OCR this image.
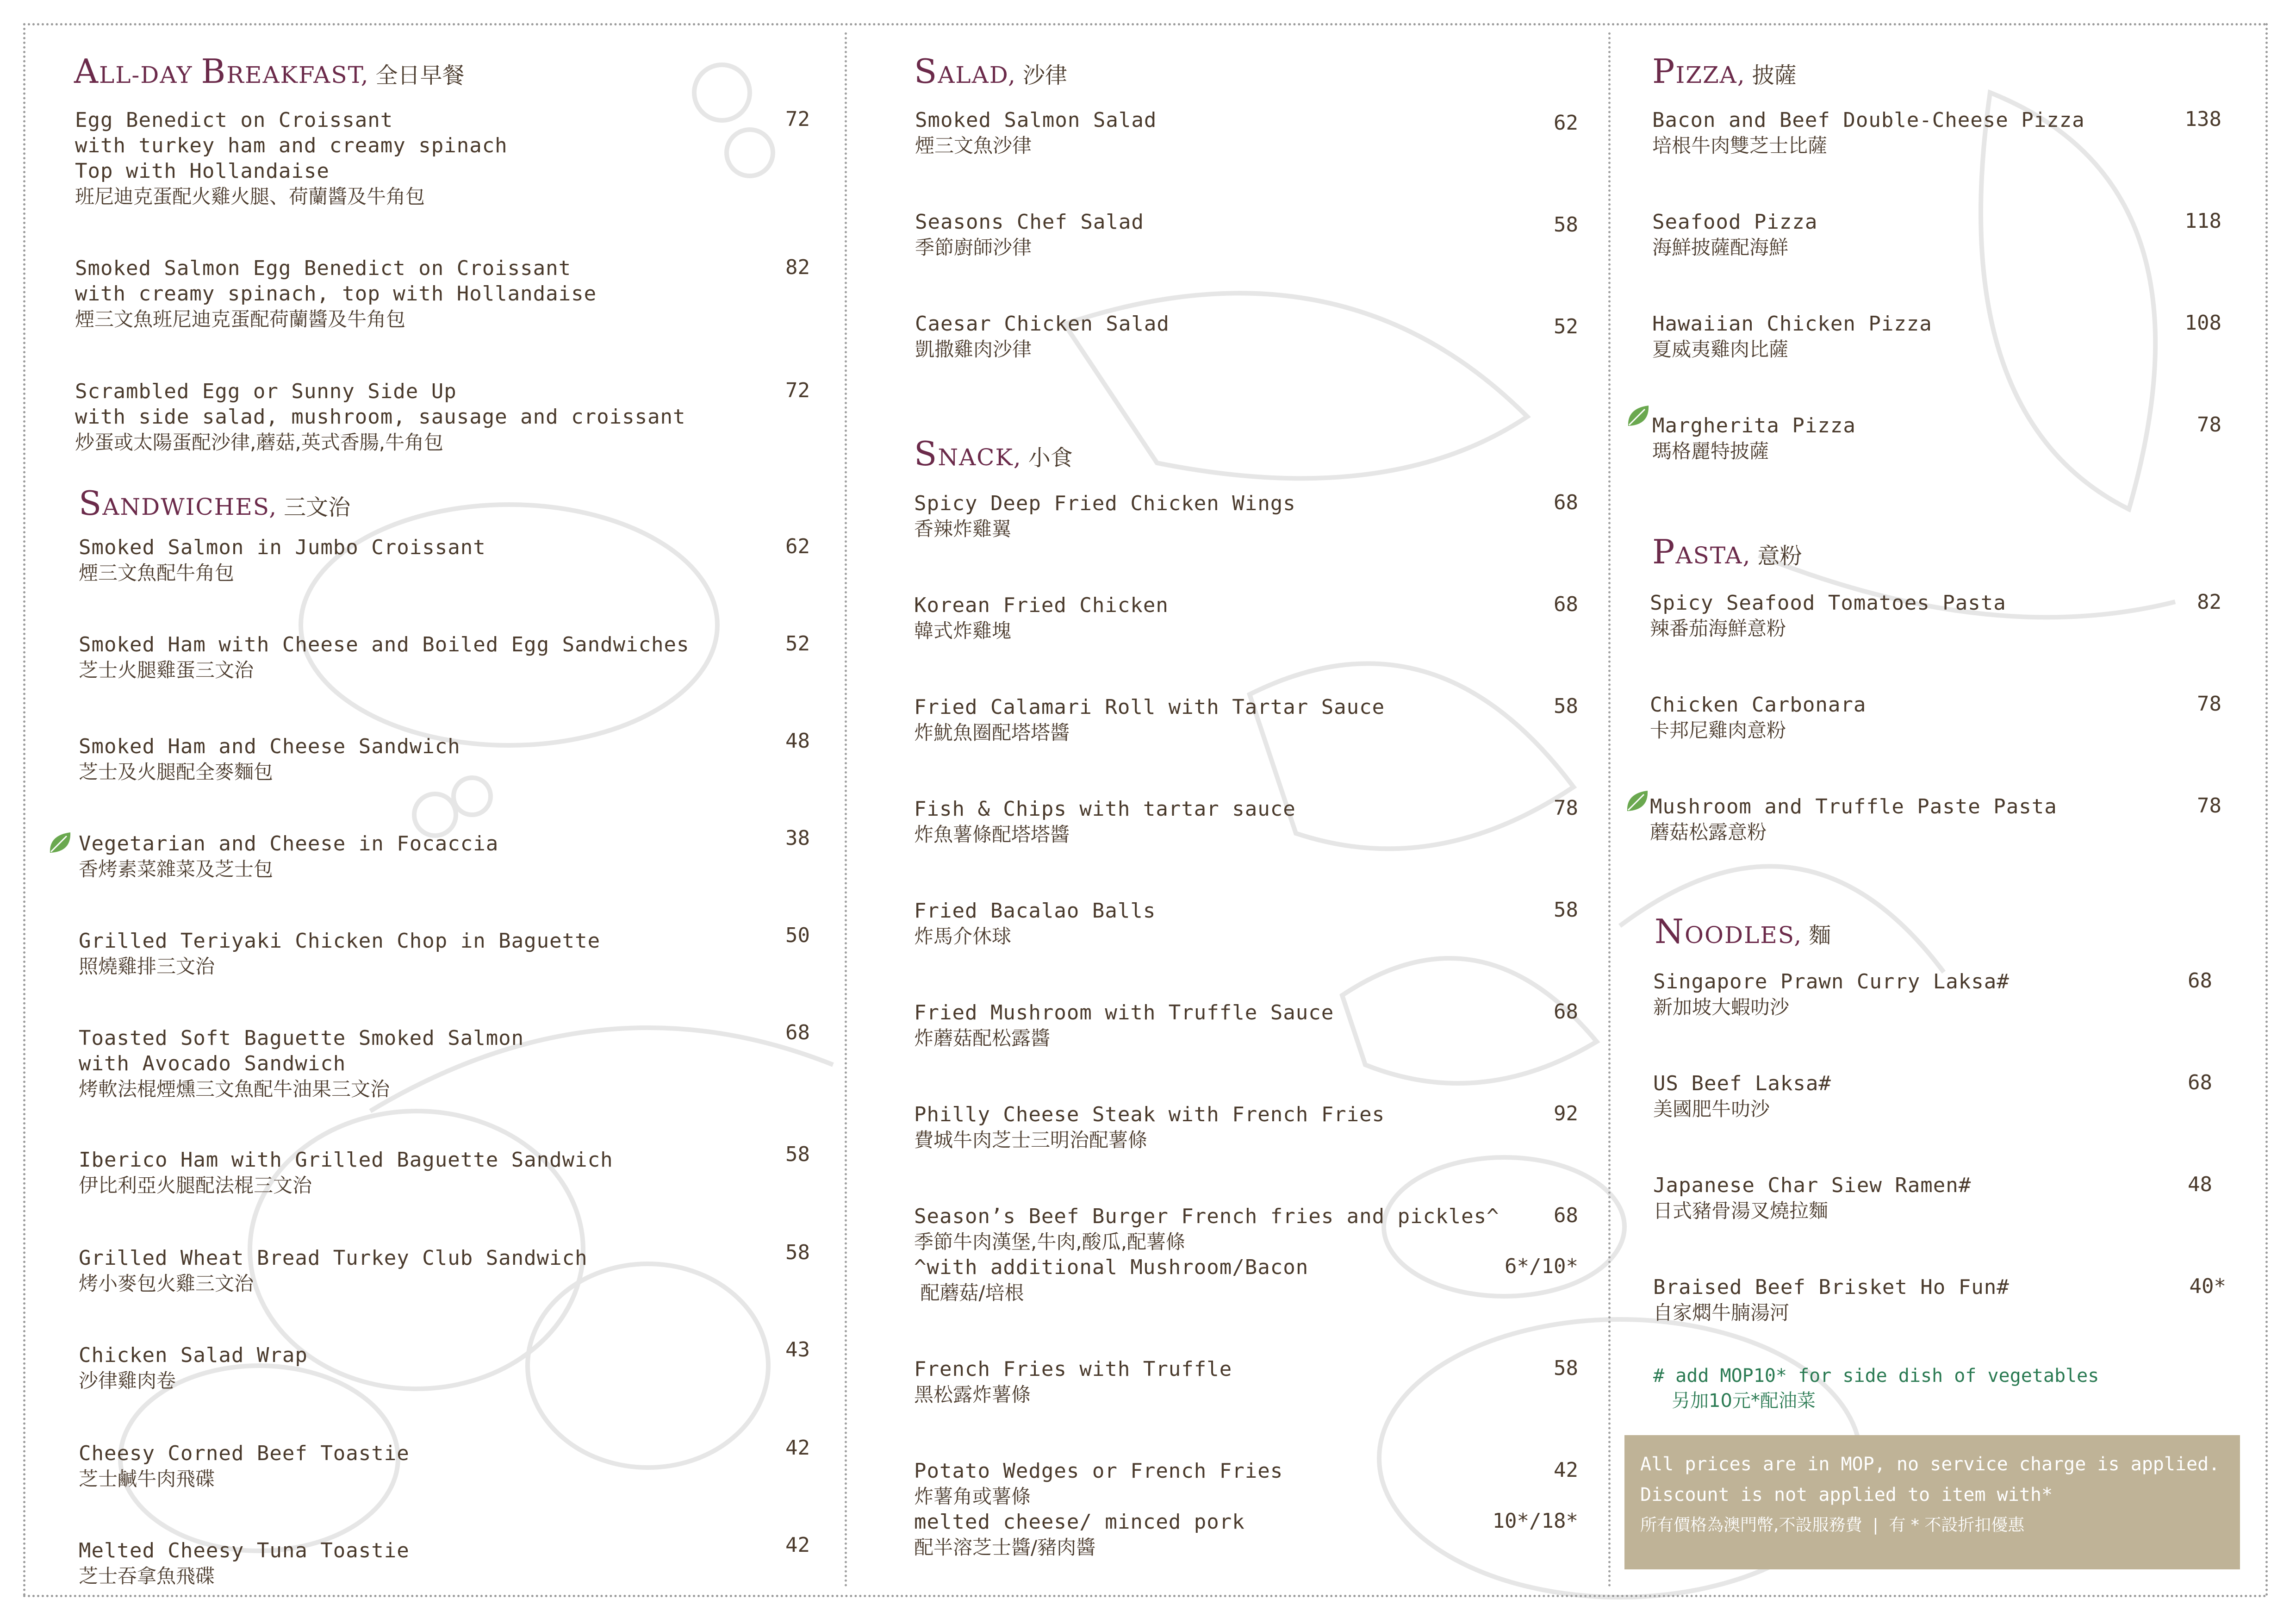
ALL-DAY BREAKFAST, 全日早餐
Egg Benedict on Croissant
with turkey ham and creamy spinach
Top with Hollandaise
班尼迪克蛋配火雞火腿、荷蘭醬及牛角包
72
Smoked Salmon Egg Benedict on Croissant
with creamy spinach, top with Hollandaise
煙三文魚班尼迪克蛋配荷蘭醬及牛角包
82
Scrambled Egg or Sunny Side Up
with side salad, mushroom, sausage and croissant
炒蛋或太陽蛋配沙律,蘑菇,英式香腸,牛角包
72
SANDWICHES, 三文治
Smoked Salmon in Jumbo Croissant
煙三文魚配牛角包
62
Smoked Ham with Cheese and Boiled Egg Sandwiches
芝士火腿雞蛋三文治
52
Smoked Ham and Cheese Sandwich
芝士及火腿配全麥麵包
48
Vegetarian and Cheese in Focaccia
香烤素菜雜菜及芝士包
38
Grilled Teriyaki Chicken Chop in Baguette
照燒雞排三文治
50
Toasted Soft Baguette Smoked Salmon
with Avocado Sandwich
烤軟法棍煙燻三文魚配牛油果三文治
68
Iberico Ham with Grilled Baguette Sandwich
伊比利亞火腿配法棍三文治
58
Grilled Wheat Bread Turkey Club Sandwich
烤小麥包火雞三文治
58
Chicken Salad Wrap
沙律雞肉卷
43
Cheesy Corned Beef Toastie
芝士鹹牛肉飛碟
42
Melted Cheesy Tuna Toastie
芝士吞拿魚飛碟
42
SALAD, 沙律
Smoked Salmon Salad
煙三文魚沙律
62
Seasons Chef Salad
季節廚師沙律
58
Caesar Chicken Salad
凱撒雞肉沙律
52
SNACK, 小食
Spicy Deep Fried Chicken Wings
香辣炸雞翼
68
Korean Fried Chicken
韓式炸雞塊
68
Fried Calamari Roll with Tartar Sauce
炸魷魚圈配塔塔醬
58
Fish & Chips with tartar sauce
炸魚薯條配塔塔醬
78
Fried Bacalao Balls
炸馬介休球
58
Fried Mushroom with Truffle Sauce
炸蘑菇配松露醬
68
Philly Cheese Steak with French Fries
費城牛肉芝士三明治配薯條
92
Season’s Beef Burger French fries and pickles^
季節牛肉漢堡,牛肉,酸瓜,配薯條
^with additional Mushroom/Bacon
配蘑菇/培根
68
6*/10*
French Fries with Truffle
黑松露炸薯條
58
Potato Wedges or French Fries
炸薯角或薯條
melted cheese/ minced pork
配半溶芝士醬/豬肉醬
42
10*/18*
PIZZA, 披薩
Bacon and Beef Double-Cheese Pizza
培根牛肉雙芝士比薩
138
Seafood Pizza
海鮮披薩配海鮮
118
Hawaiian Chicken Pizza
夏威夷雞肉比薩
108
Margherita Pizza
瑪格麗特披薩
78
PASTA, 意粉
Spicy Seafood Tomatoes Pasta
辣番茄海鮮意粉
82
Chicken Carbonara
卡邦尼雞肉意粉
78
Mushroom and Truffle Paste Pasta
蘑菇松露意粉
78
NOODLES, 麵
Singapore Prawn Curry Laksa#
新加坡大蝦叻沙
68
US Beef Laksa#
美國肥牛叻沙
68
Japanese Char Siew Ramen#
日式豬骨湯叉燒拉麵
48
Braised Beef Brisket Ho Fun#
自家燜牛腩湯河
40*
# add MOP10* for side dish of vegetables
另加10元*配油菜
All prices are in MOP, no service charge is applied.
Discount is not applied to item with*
所有價格為澳門幣,不設服務費  |  有 * 不設折扣優惠
